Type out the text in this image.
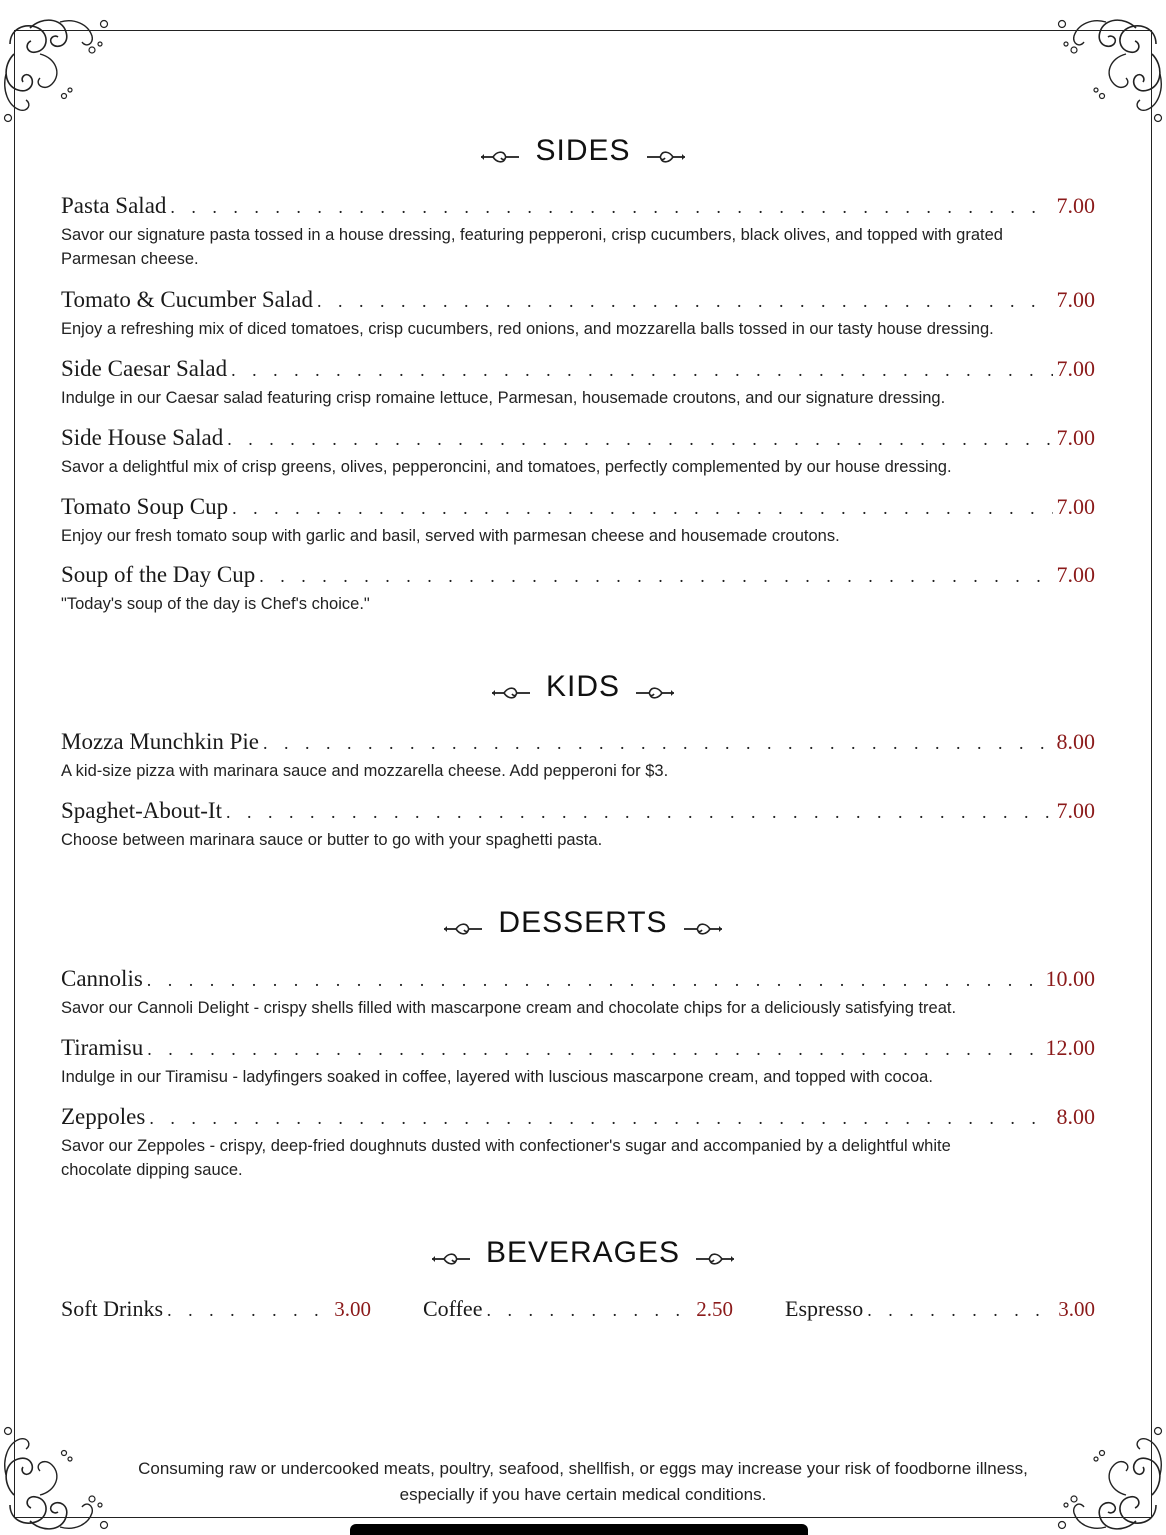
SIDES
Pasta Salad . . .	7.00
Savor our signature pasta tossed in a house dressing, featuring pepperoni, crisp cucumbers, black olives, and topped with grated Parmesan cheese.
Tomato & Cucumber Salad . . .	7.00
Enjoy a refreshing mix of diced tomatoes, crisp cucumbers, red onions, and mozzarella balls tossed in our tasty house dressing.
Side Caesar Salad . . .	7.00
Indulge in our Caesar salad featuring crisp romaine lettuce, Parmesan, housemade croutons, and our signature dressing.
Side House Salad . . .	7.00
Savor a delightful mix of crisp greens, olives, pepperoncini, and tomatoes, perfectly complemented by our house dressing.
Tomato Soup Cup . . .	7.00
Enjoy our fresh tomato soup with garlic and basil, served with parmesan cheese and housemade croutons.
Soup of the Day Cup . . .	7.00
"Today's soup of the day is Chef's choice."
KIDS
Mozza Munchkin Pie . . .	8.00
A kid-size pizza with marinara sauce and mozzarella cheese. Add pepperoni for $3.
Spaghet-About-It . . .	7.00
Choose between marinara sauce or butter to go with your spaghetti pasta.
DESSERTS
Cannolis . . .	10.00
Savor our Cannoli Delight - crispy shells filled with mascarpone cream and chocolate chips for a deliciously satisfying treat.
Tiramisu . . .	12.00
Indulge in our Tiramisu - ladyfingers soaked in coffee, layered with luscious mascarpone cream, and topped with cocoa.
Zeppoles . . .	8.00
Savor our Zeppoles - crispy, deep-fried doughnuts dusted with confectioner's sugar and accompanied by a delightful white chocolate dipping sauce.
BEVERAGES
Soft Drinks . . .	3.00 Coffee . . .	2.50 Espresso . . .	3.00
Consuming raw or undercooked meats, poultry, seafood, shellfish, or eggs may increase your risk of foodborne illness,
especially if you have certain medical conditions.
